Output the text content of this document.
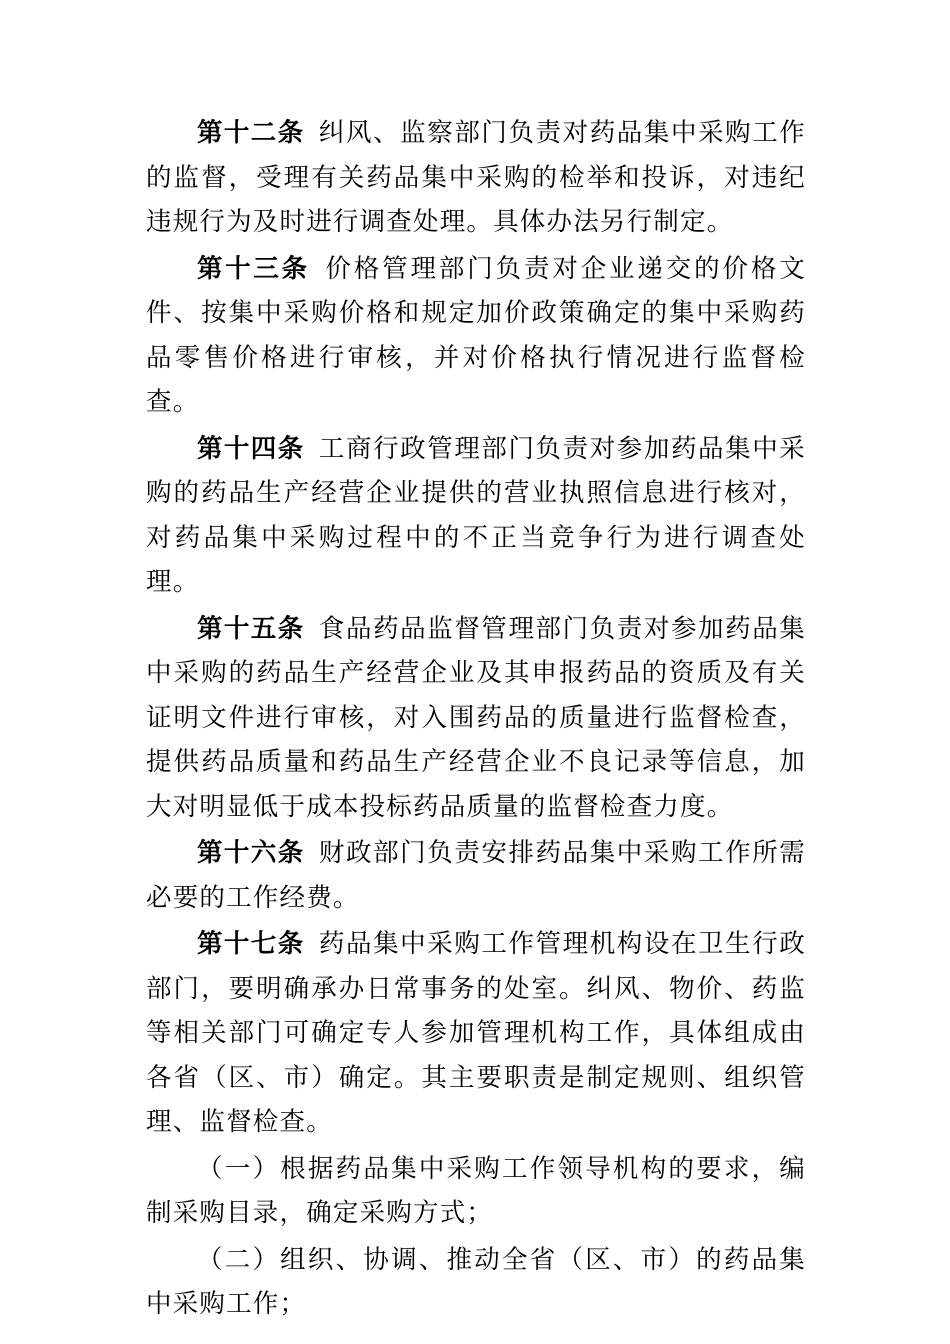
第十二条 纠风、监察部门负责对药品集中采购工作的监督，受理有关药品集中采购的检举和投诉，对违纪违规行为及时进行调查处理。具体办法另行制定。

第十三条 价格管理部门负责对企业递交的价格文件、按集中采购价格和规定加价政策确定的集中采购药品零售价格进行审核，并对价格执行情况进行监督检查。

第十四条 工商行政管理部门负责对参加药品集中采购的药品生产经营企业提供的营业执照信息进行核对，对药品集中采购过程中的不正当竞争行为进行调查处理。

第十五条 食品药品监督管理部门负责对参加药品集中采购的药品生产经营企业及其申报药品的资质及有关证明文件进行审核，对入围药品的质量进行监督检查，提供药品质量和药品生产经营企业不良记录等信息，加大对明显低于成本投标药品质量的监督检查力度。

第十六条 财政部门负责安排药品集中采购工作所需必要的工作经费。

第十七条 药品集中采购工作管理机构设在卫生行政部门，要明确承办日常事务的处室。纠风、物价、药监等相关部门可确定专人参加管理机构工作，具体组成由各省（区、市）确定。其主要职责是制定规则、组织管理、监督检查。

（一）根据药品集中采购工作领导机构的要求，编制采购目录，确定采购方式；

（二）组织、协调、推动全省（区、市）的药品集中采购工作；
